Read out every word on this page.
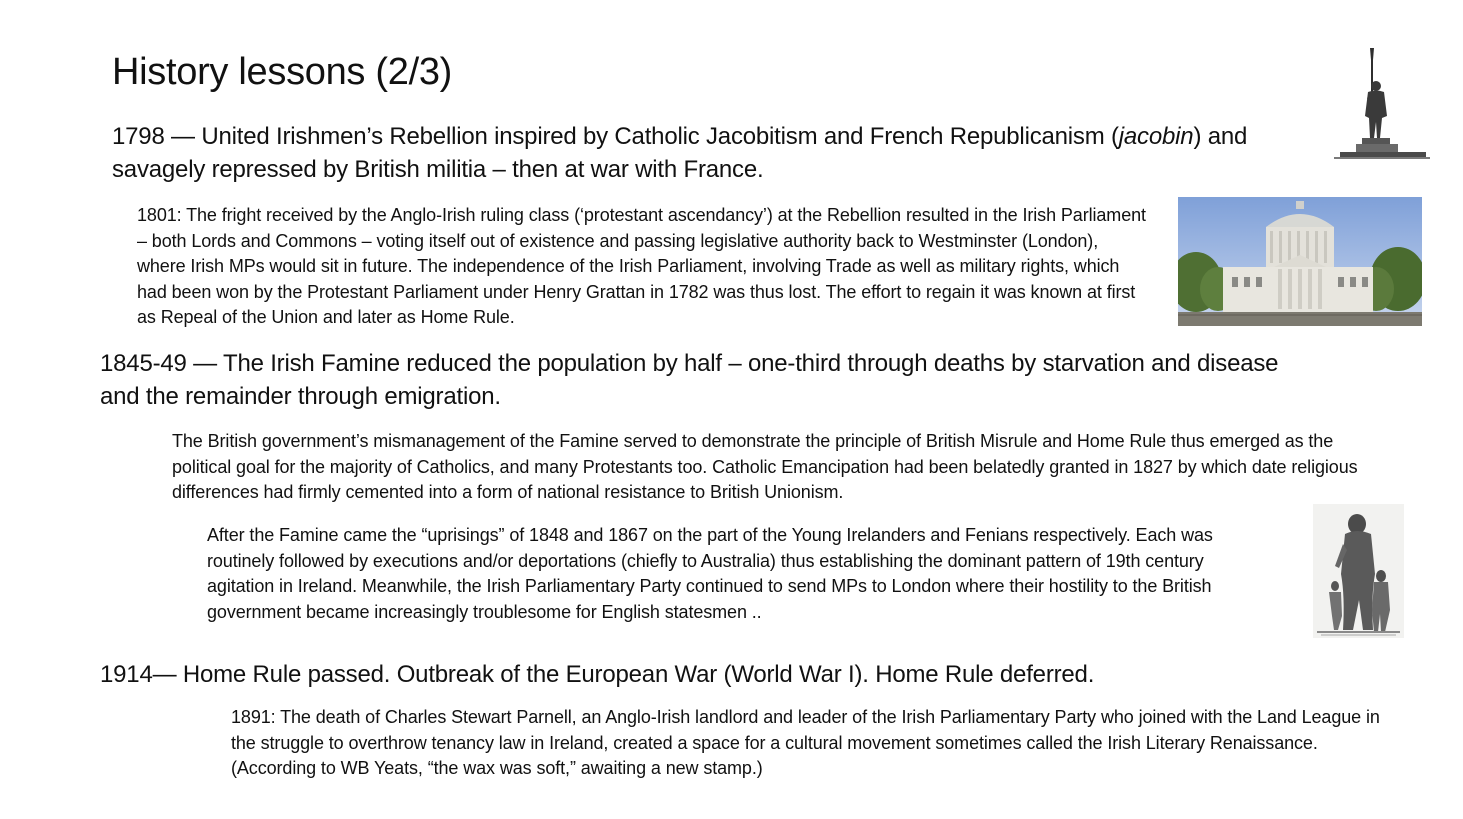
History lessons (2/3)
1798 — United Irishmen’s Rebellion inspired by Catholic Jacobitism and French Republicanism (jacobin) and savagely repressed by British militia – then at war with France.
1801: The fright received by the Anglo-Irish ruling class (‘protestant ascendancy’) at the Rebellion resulted in the Irish Parliament – both Lords and Commons – voting itself out of existence and passing legislative authority back to Westminster (London), where Irish MPs would sit in future. The independence of the Irish Parliament, involving Trade as well as military rights, which had been won by the Protestant Parliament under Henry Grattan in 1782 was thus lost. The effort to regain it was known at first as Repeal of the Union and later as Home Rule.
1845-49 — The Irish Famine reduced the population by half – one-third through deaths by starvation and disease and the remainder through emigration.
The British government’s mismanagement of the Famine served to demonstrate the principle of British Misrule and Home Rule thus emerged as the political goal for the majority of Catholics, and many Protestants too. Catholic Emancipation had been belatedly granted in 1827 by which date religious differences had firmly cemented into a form of national resistance to British Unionism.
After the Famine came the “uprisings” of 1848 and 1867 on the part of the Young Irelanders and Fenians respectively. Each was routinely followed by executions and/or deportations (chiefly to Australia) thus establishing the dominant pattern of 19th century agitation in Ireland. Meanwhile, the Irish Parliamentary Party continued to send MPs to London where their hostility to the British government became increasingly troublesome for English statesmen ..
1914— Home Rule passed. Outbreak of the European War (World War I). Home Rule deferred.
1891: The death of Charles Stewart Parnell, an Anglo-Irish landlord and leader of the Irish Parliamentary Party who joined with the Land League in the struggle to overthrow tenancy law in Ireland, created a space for a cultural movement sometimes called the Irish Literary Renaissance. (According to WB Yeats, “the wax was soft,” awaiting a new stamp.)
